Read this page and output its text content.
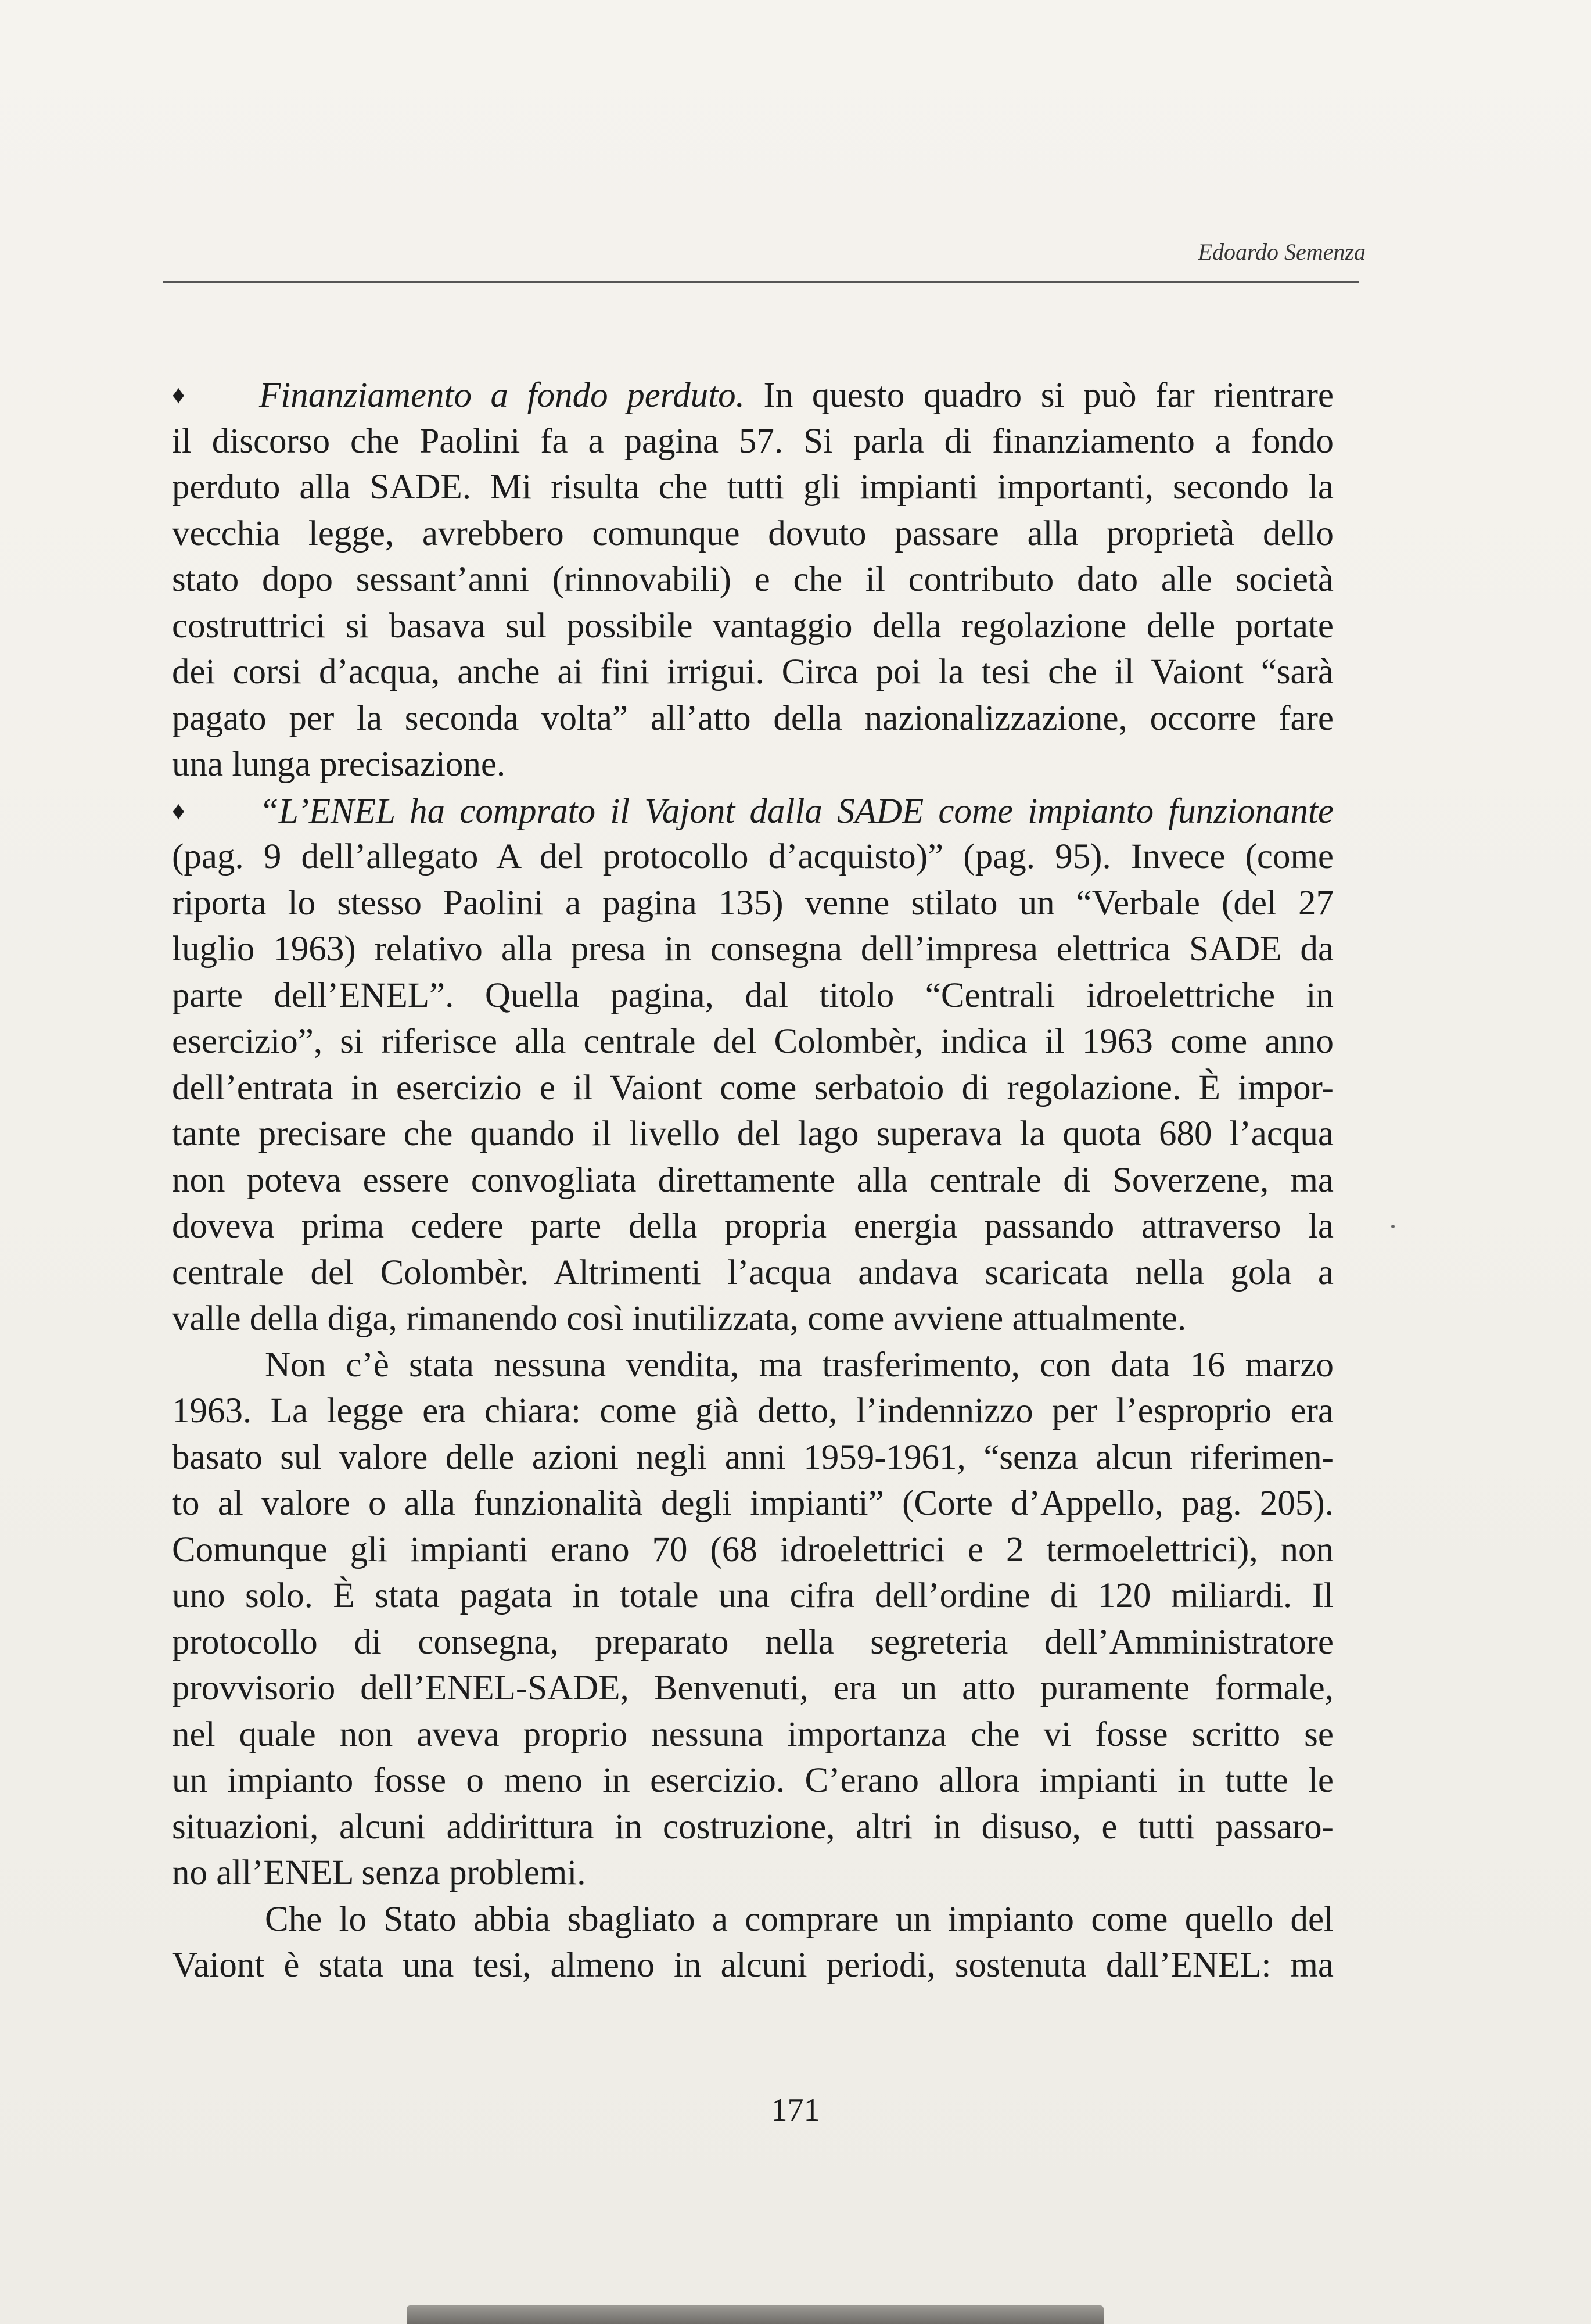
Edoardo Semenza
♦ Finanziamento a fondo perduto. In questo quadro si può far rientrare
il discorso che Paolini fa a pagina 57. Si parla di finanziamento a fondo
perduto alla SADE. Mi risulta che tutti gli impianti importanti, secondo la
vecchia legge, avrebbero comunque dovuto passare alla proprietà dello
stato dopo sessant’anni (rinnovabili) e che il contributo dato alle società
costruttrici si basava sul possibile vantaggio della regolazione delle portate
dei corsi d’acqua, anche ai fini irrigui. Circa poi la tesi che il Vaiont “sarà
pagato per la seconda volta” all’atto della nazionalizzazione, occorre fare
una lunga precisazione.
♦ “L’ENEL ha comprato il Vajont dalla SADE come impianto funzionante
(pag. 9 dell’allegato A del protocollo d’acquisto)” (pag. 95). Invece (come
riporta lo stesso Paolini a pagina 135) venne stilato un “Verbale (del 27
luglio 1963) relativo alla presa in consegna dell’impresa elettrica SADE da
parte dell’ENEL”. Quella pagina, dal titolo “Centrali idroelettriche in
esercizio”, si riferisce alla centrale del Colombèr, indica il 1963 come anno
dell’entrata in esercizio e il Vaiont come serbatoio di regolazione. È impor-
tante precisare che quando il livello del lago superava la quota 680 l’acqua
non poteva essere convogliata direttamente alla centrale di Soverzene, ma
doveva prima cedere parte della propria energia passando attraverso la
centrale del Colombèr. Altrimenti l’acqua andava scaricata nella gola a
valle della diga, rimanendo così inutilizzata, come avviene attualmente.
Non c’è stata nessuna vendita, ma trasferimento, con data 16 marzo
1963. La legge era chiara: come già detto, l’indennizzo per l’esproprio era
basato sul valore delle azioni negli anni 1959-1961, “senza alcun riferimen-
to al valore o alla funzionalità degli impianti” (Corte d’Appello, pag. 205).
Comunque gli impianti erano 70 (68 idroelettrici e 2 termoelettrici), non
uno solo. È stata pagata in totale una cifra dell’ordine di 120 miliardi. Il
protocollo di consegna, preparato nella segreteria dell’Amministratore
provvisorio dell’ENEL-SADE, Benvenuti, era un atto puramente formale,
nel quale non aveva proprio nessuna importanza che vi fosse scritto se
un impianto fosse o meno in esercizio. C’erano allora impianti in tutte le
situazioni, alcuni addirittura in costruzione, altri in disuso, e tutti passaro-
no all’ENEL senza problemi.
Che lo Stato abbia sbagliato a comprare un impianto come quello del
Vaiont è stata una tesi, almeno in alcuni periodi, sostenuta dall’ENEL: ma
171
